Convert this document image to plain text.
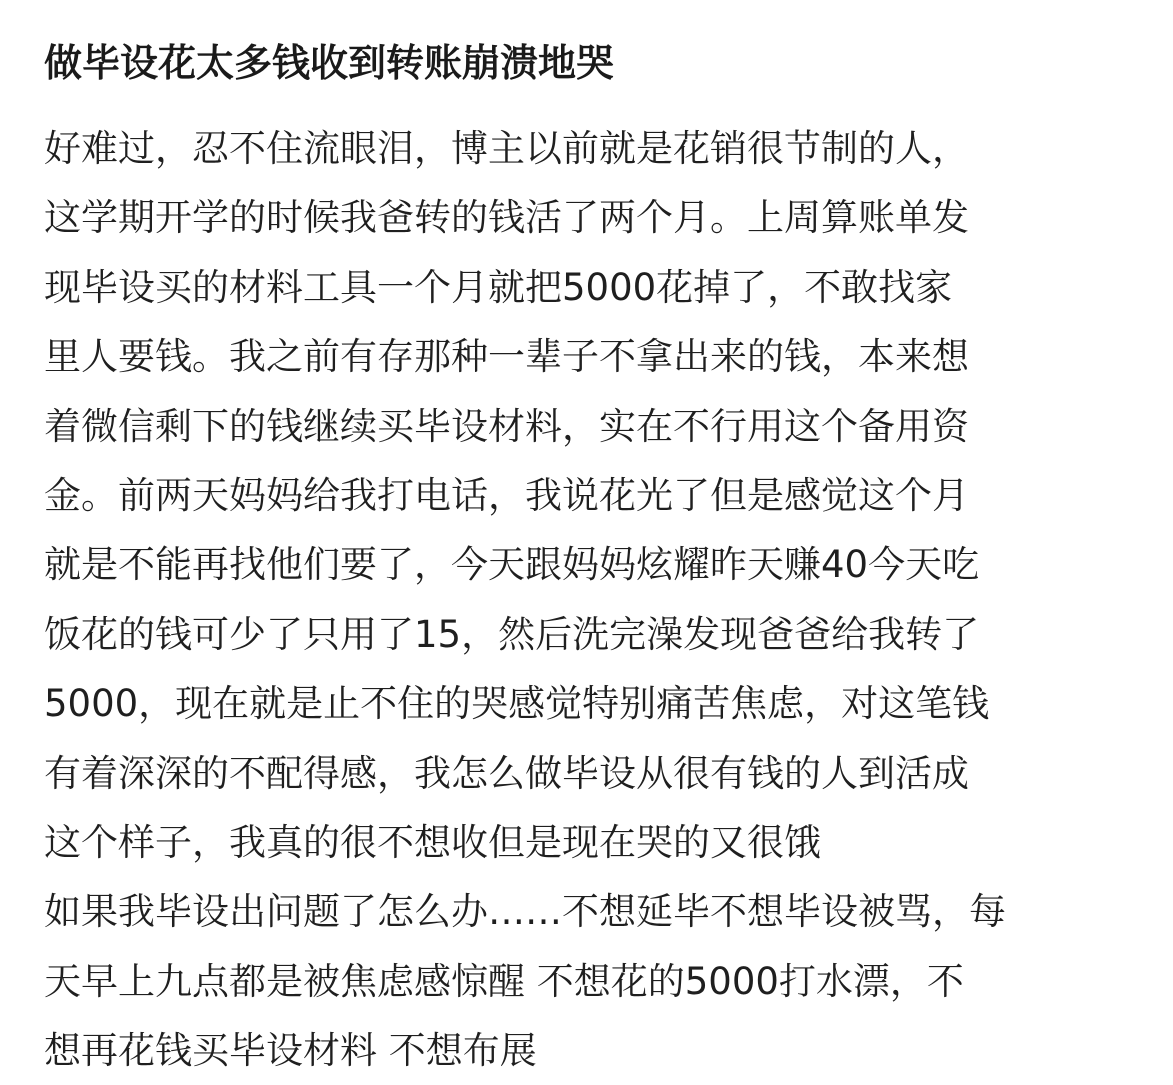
做毕设花太多钱收到转账崩溃地哭
好难过，忍不住流眼泪，博主以前就是花销很节制的人，
这学期开学的时候我爸转的钱活了两个月。上周算账单发
现毕设买的材料工具一个月就把5000花掉了，不敢找家
里人要钱。我之前有存那种一辈子不拿出来的钱，本来想
着微信剩下的钱继续买毕设材料，实在不行用这个备用资
金。前两天妈妈给我打电话，我说花光了但是感觉这个月
就是不能再找他们要了，今天跟妈妈炫耀昨天赚40今天吃
饭花的钱可少了只用了15，然后洗完澡发现爸爸给我转了
5000，现在就是止不住的哭感觉特别痛苦焦虑，对这笔钱
有着深深的不配得感，我怎么做毕设从很有钱的人到活成
这个样子，我真的很不想收但是现在哭的又很饿
如果我毕设出问题了怎么办……不想延毕不想毕设被骂，每
天早上九点都是被焦虑感惊醒 不想花的5000打水漂，不
想再花钱买毕设材料 不想布展
